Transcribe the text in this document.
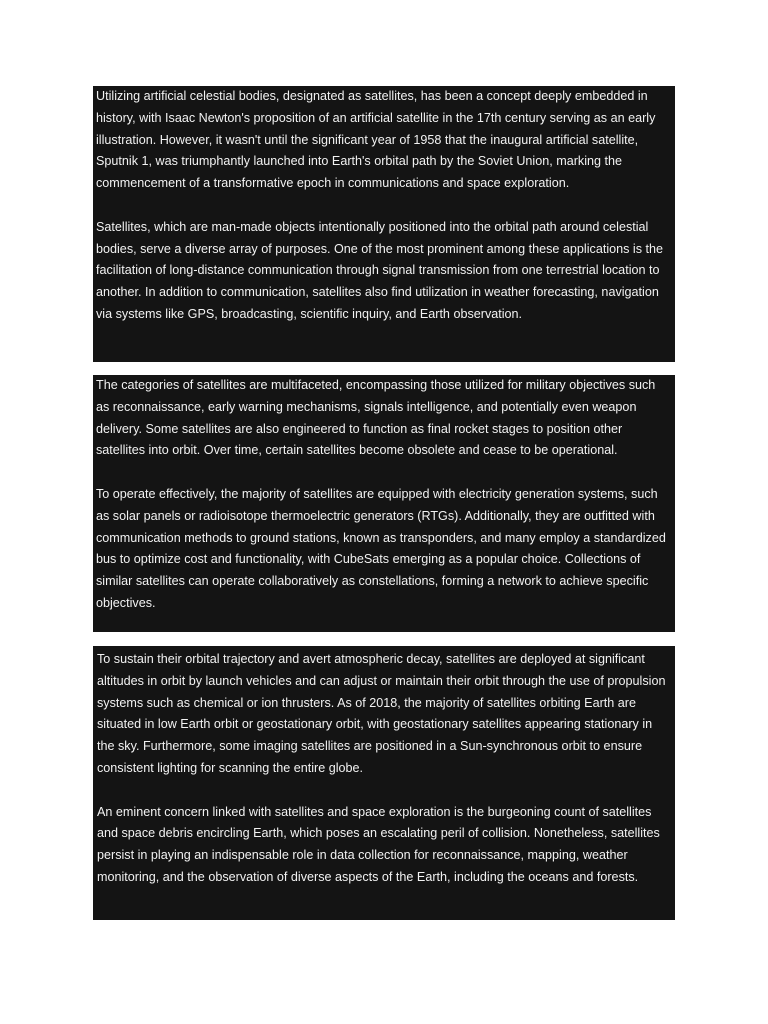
Utilizing artificial celestial bodies, designated as satellites, has been a concept deeply embedded in history, with Isaac Newton's proposition of an artificial satellite in the 17th century serving as an early illustration. However, it wasn't until the significant year of 1958 that the inaugural artificial satellite, Sputnik 1, was triumphantly launched into Earth's orbital path by the Soviet Union, marking the commencement of a transformative epoch in communications and space exploration.

Satellites, which are man-made objects intentionally positioned into the orbital path around celestial bodies, serve a diverse array of purposes. One of the most prominent among these applications is the facilitation of long-distance communication through signal transmission from one terrestrial location to another. In addition to communication, satellites also find utilization in weather forecasting, navigation via systems like GPS, broadcasting, scientific inquiry, and Earth observation.

The categories of satellites are multifaceted, encompassing those utilized for military objectives such as reconnaissance, early warning mechanisms, signals intelligence, and potentially even weapon delivery. Some satellites are also engineered to function as final rocket stages to position other satellites into orbit. Over time, certain satellites become obsolete and cease to be operational.

To operate effectively, the majority of satellites are equipped with electricity generation systems, such as solar panels or radioisotope thermoelectric generators (RTGs). Additionally, they are outfitted with communication methods to ground stations, known as transponders, and many employ a standardized bus to optimize cost and functionality, with CubeSats emerging as a popular choice. Collections of similar satellites can operate collaboratively as constellations, forming a network to achieve specific objectives.

To sustain their orbital trajectory and avert atmospheric decay, satellites are deployed at significant altitudes in orbit by launch vehicles and can adjust or maintain their orbit through the use of propulsion systems such as chemical or ion thrusters. As of 2018, the majority of satellites orbiting Earth are situated in low Earth orbit or geostationary orbit, with geostationary satellites appearing stationary in the sky. Furthermore, some imaging satellites are positioned in a Sun-synchronous orbit to ensure consistent lighting for scanning the entire globe.

An eminent concern linked with satellites and space exploration is the burgeoning count of satellites and space debris encircling Earth, which poses an escalating peril of collision. Nonetheless, satellites persist in playing an indispensable role in data collection for reconnaissance, mapping, weather monitoring, and the observation of diverse aspects of the Earth, including the oceans and forests.
